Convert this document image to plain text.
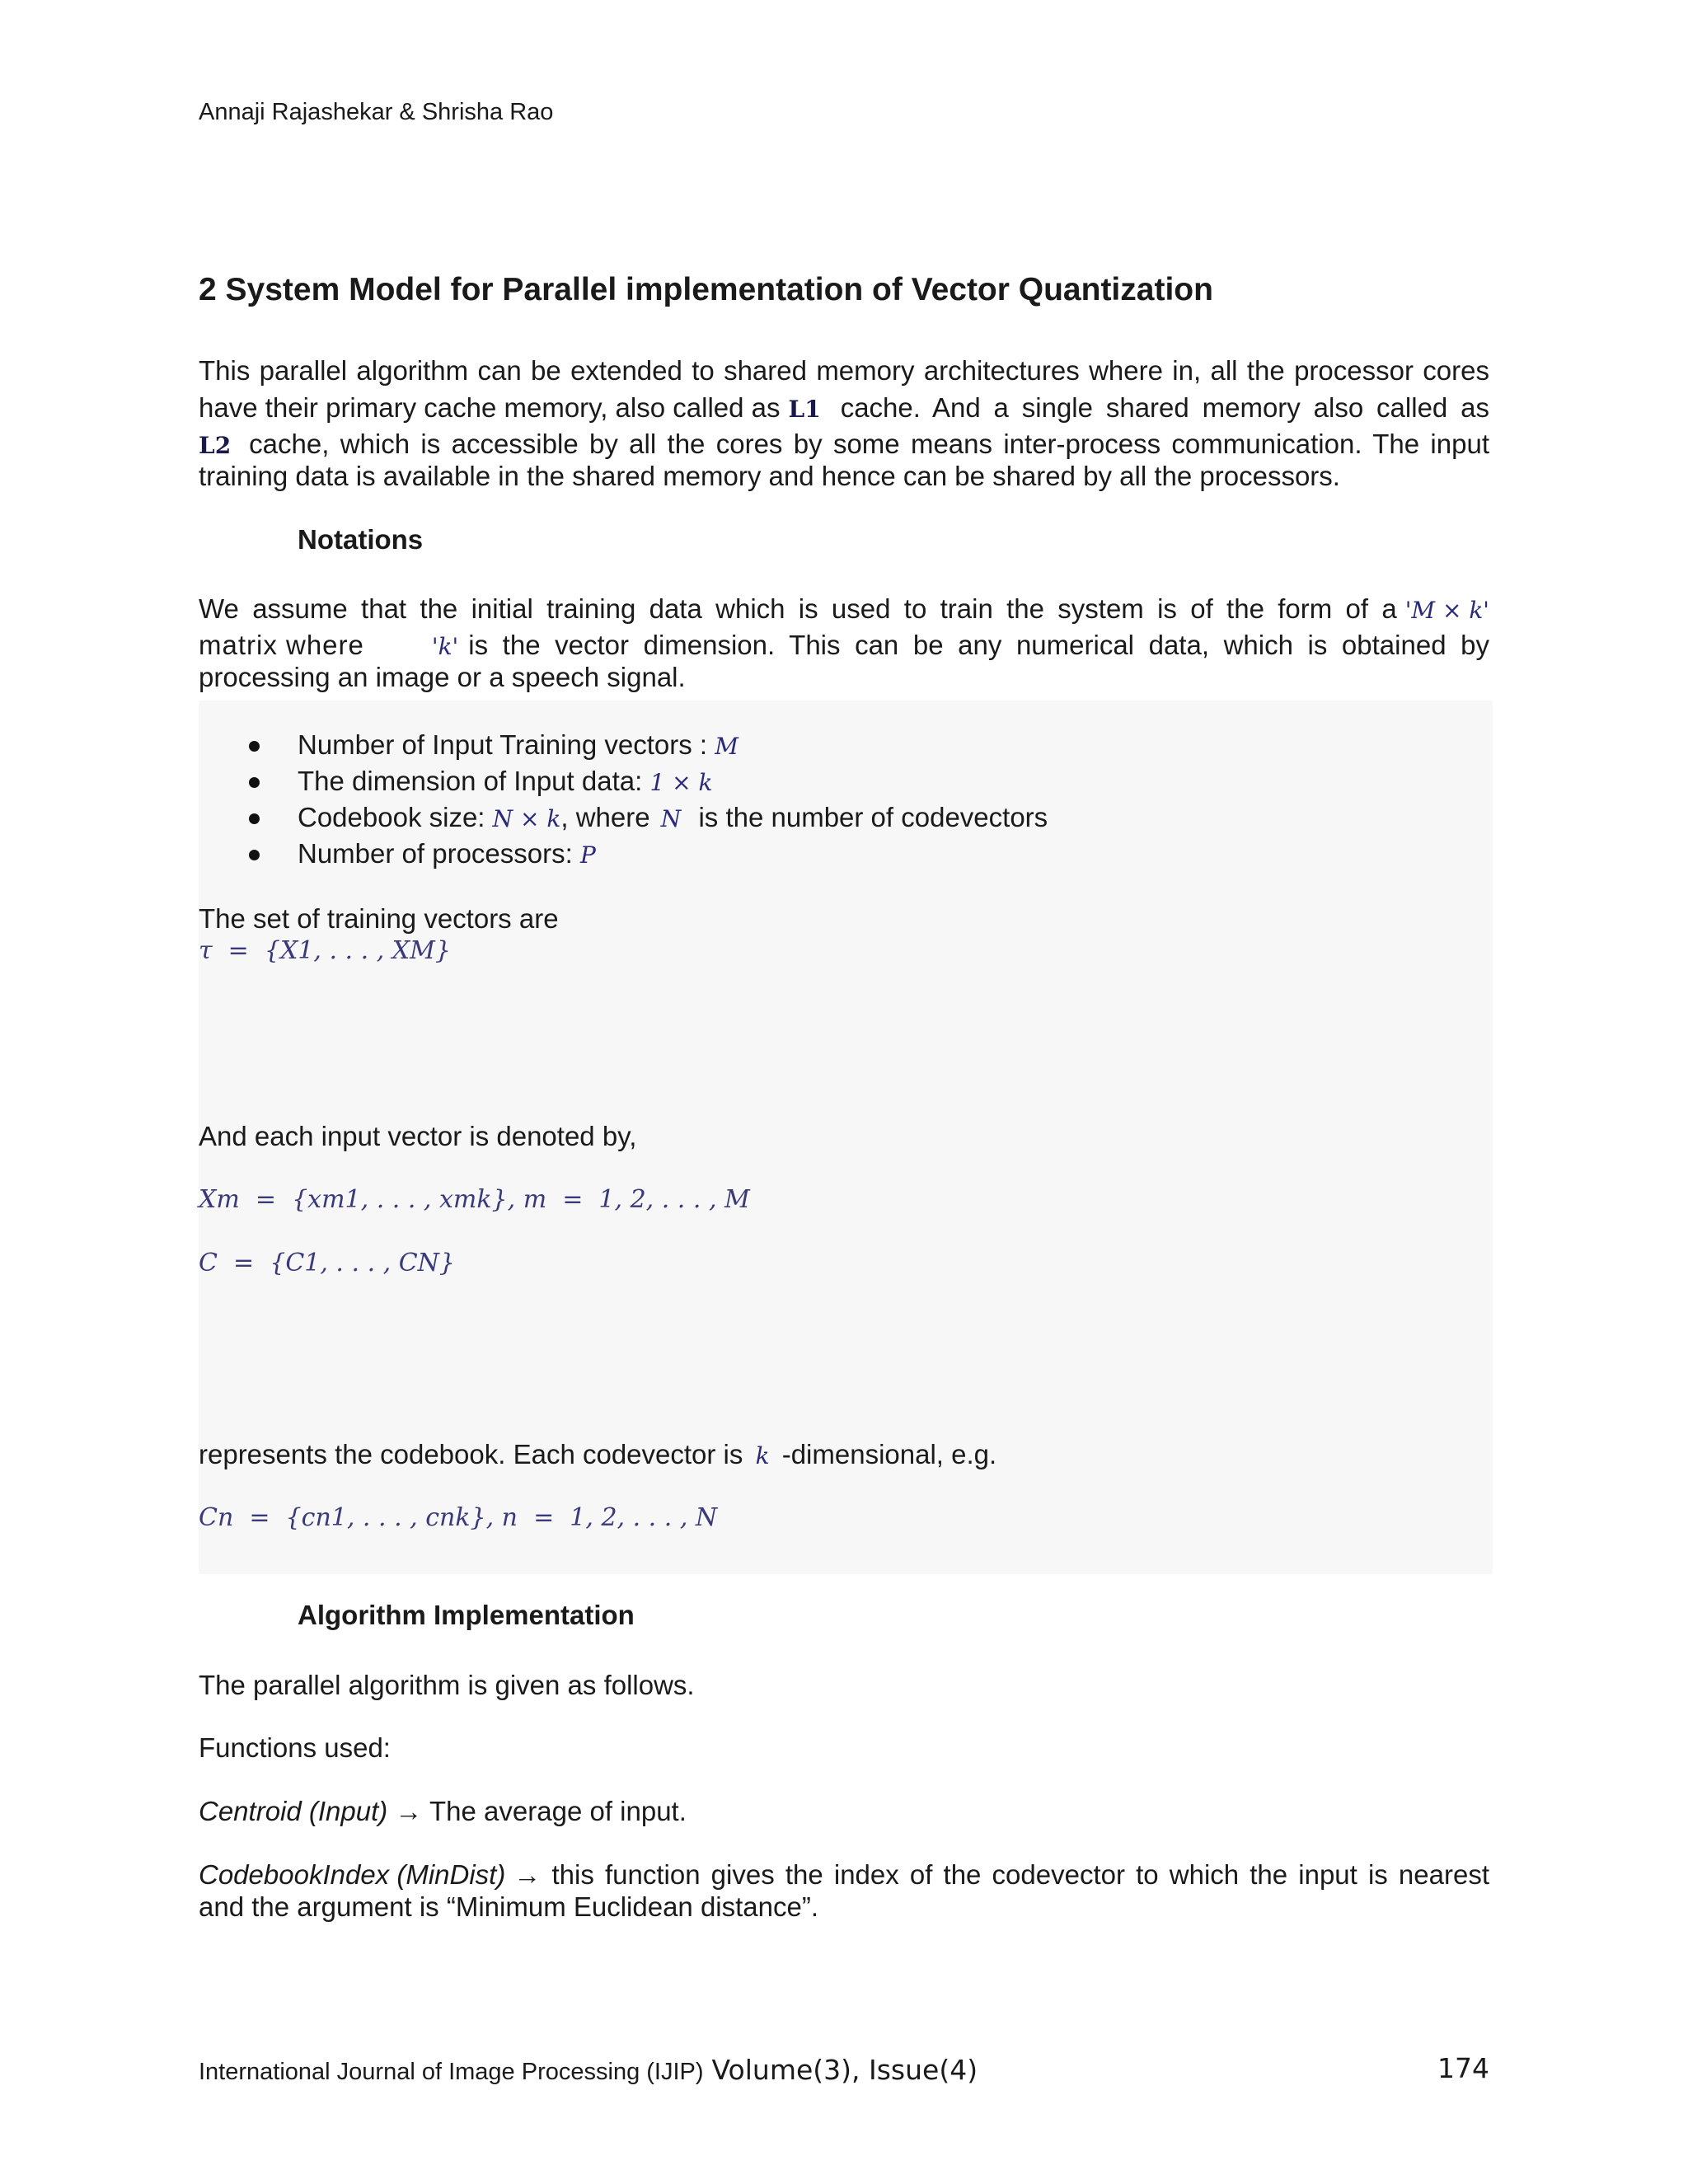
Annaji Rajashekar & Shrisha Rao
2 System Model for Parallel implementation of Vector Quantization
This parallel algorithm can be extended to shared memory architectures where in, all the processor cores
have their primary cache memory, also called as L1 cache. And a single shared memory also called as
L2 cache, which is accessible by all the cores by some means inter-process communication. The input
training data is available in the shared memory and hence can be shared by all the processors.
Notations
We assume that the initial training data which is used to train the system is of the form of a 'M × k'
matrix where	'k' is the vector dimension. This can be any numerical data, which is obtained by
processing an image or a speech signal.
Number of Input Training vectors : M
The dimension of Input data: 1 × k
Codebook size: N × k, where N is the number of codevectors
Number of processors: P
The set of training vectors are
τ  =  {X1, . . . , XM}
And each input vector is denoted by,
Xm  =  {xm1, . . . , xmk}, m  =  1, 2, . . . , M
C  =  {C1, . . . , CN}
represents the codebook. Each codevector is k -dimensional, e.g.
Cn  =  {cn1, . . . , cnk}, n  =  1, 2, . . . , N
Algorithm Implementation
The parallel algorithm is given as follows.
Functions used:
Centroid (Input) → The average of input.
CodebookIndex (MinDist) → this function gives the index of the codevector to which the input is nearest
and the argument is “Minimum Euclidean distance”.
International Journal of Image Processing (IJIP) Volume(3), Issue(4)	174
